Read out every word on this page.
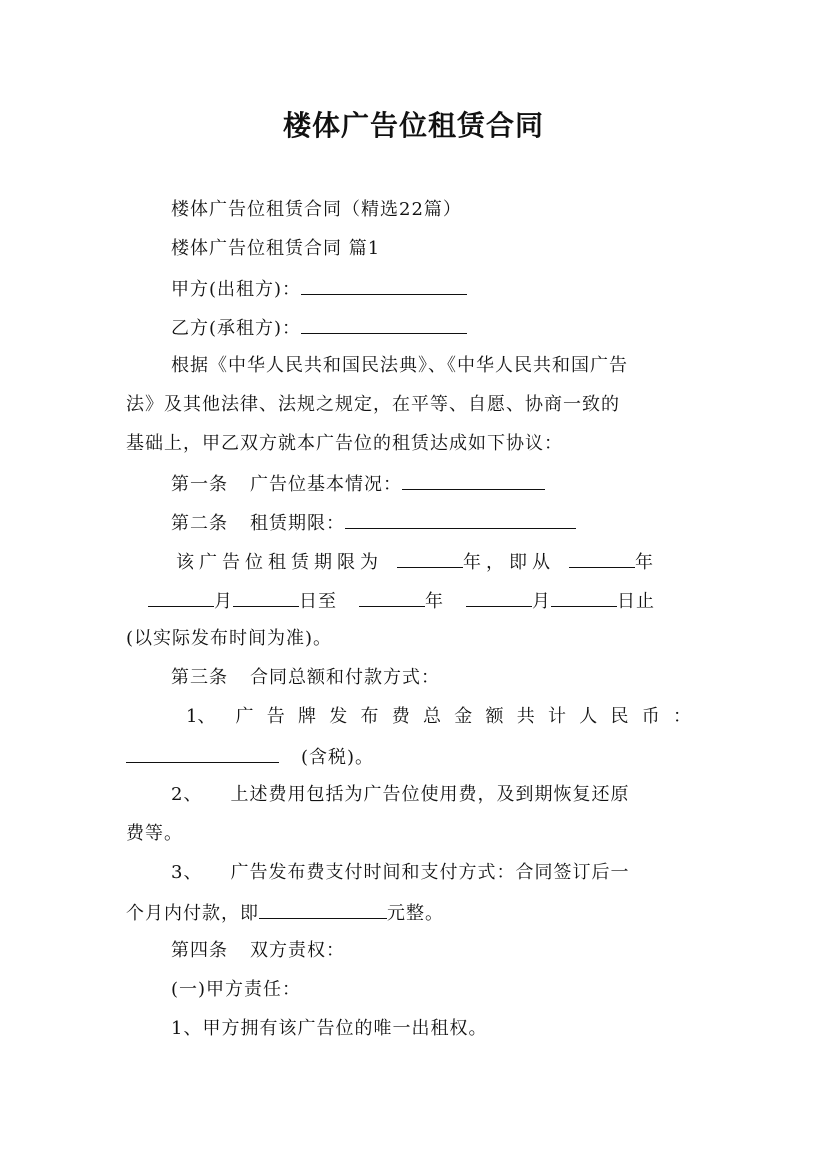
楼体广告位租赁合同
楼体广告位租赁合同（精选22篇）
楼体广告位租赁合同 篇1
甲方(出租方)：
乙方(承租方)：
根据《中华人民共和国民法典》、《中华人民共和国广告
法》及其他法律、法规之规定，在平等、自愿、协商一致的
基础上，甲乙双方就本广告位的租赁达成如下协议：
第一条 广告位基本情况：
第二条 租赁期限：
该广告位租赁期限为	年，即从	年
月	日至	年	月	日止
(以实际发布时间为准)。
第三条 合同总额和付款方式：
1、 广告牌发布费总金额共计人民币：
(含税)。
2、 上述费用包括为广告位使用费，及到期恢复还原
费等。
3、 广告发布费支付时间和支付方式：合同签订后一
个月内付款，即	元整。
第四条 双方责权：
(一)甲方责任：
1、甲方拥有该广告位的唯一出租权。
